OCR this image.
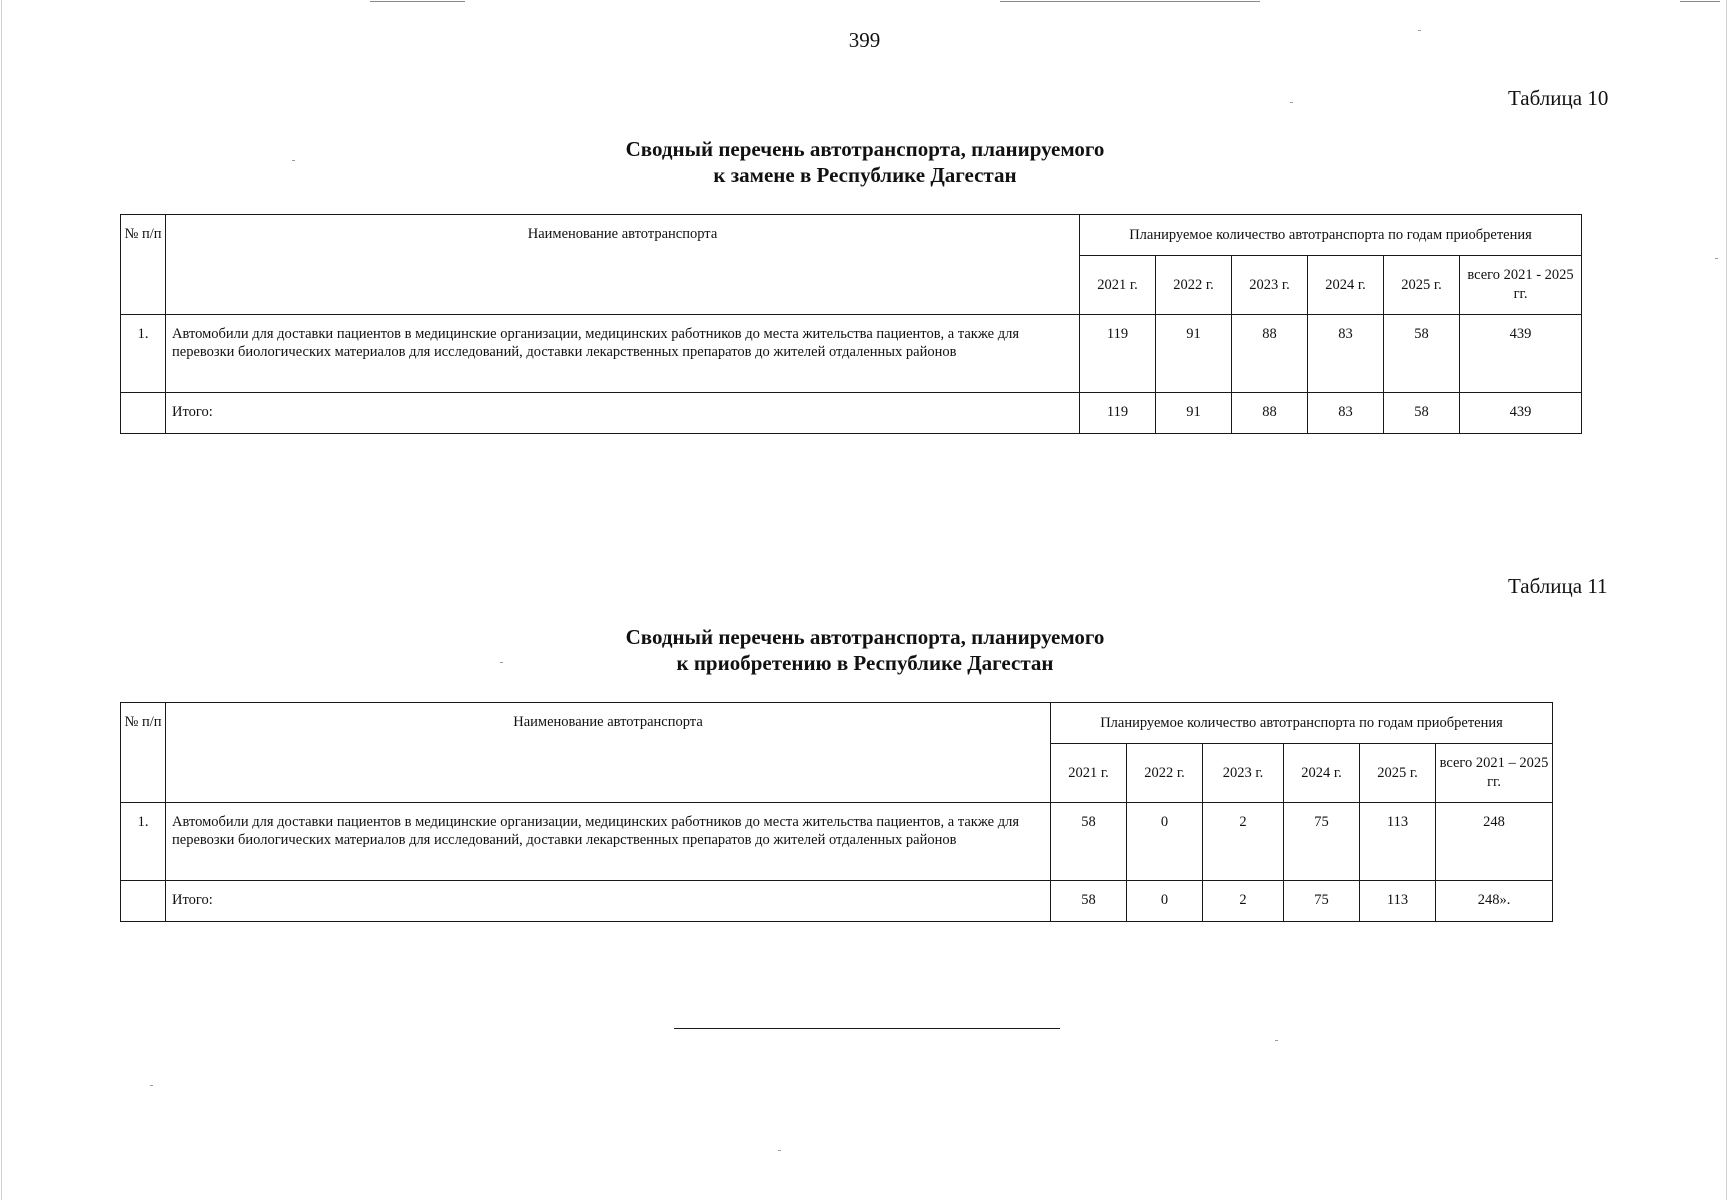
399
Таблица 10
Сводный перечень автотранспорта, планируемого
к замене в Республике Дагестан
№ п/п	Наименование автотранспорта	Планируемое количество автотранспорта по годам приобретения					
		2021 г.	2022 г.	2023 г.	2024 г.	2025 г.	всего 2021 - 2025 гг.
1.	Автомобили для доставки пациентов в медицинские организации, медицинских работников до места жительства пациентов, а также для перевозки биологических материалов для исследований, доставки лекарственных препаратов до жителей отдаленных районов	119	91	88	83	58	439
	Итого:	119	91	88	83	58	439
Таблица 11
Сводный перечень автотранспорта, планируемого
к приобретению в Республике Дагестан
№ п/п	Наименование автотранспорта	Планируемое количество автотранспорта по годам приобретения					
		2021 г.	2022 г.	2023 г.	2024 г.	2025 г.	всего 2021 – 2025 гг.
1.	Автомобили для доставки пациентов в медицинские организации, медицинских работников до места жительства пациентов, а также для перевозки биологических материалов для исследований, доставки лекарственных препаратов до жителей отдаленных районов	58	0	2	75	113	248
	Итого:	58	0	2	75	113	248».
